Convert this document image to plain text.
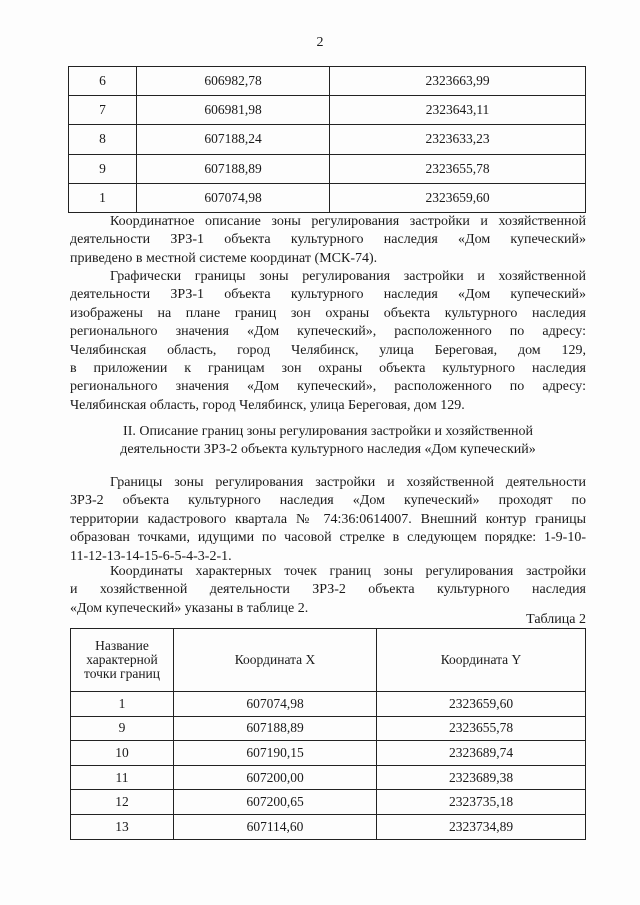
2
6	606982,78	2323663,99
7	606981,98	2323643,11
8	607188,24	2323633,23
9	607188,89	2323655,78
1	607074,98	2323659,60
Координатное описание зоны регулирования застройки и хозяйственной
деятельности ЗРЗ-1 объекта культурного наследия «Дом купеческий»
приведено в местной системе координат (МСК-74).
Графически границы зоны регулирования застройки и хозяйственной
деятельности ЗРЗ-1 объекта культурного наследия «Дом купеческий»
изображены на плане границ зон охраны объекта культурного наследия
регионального значения «Дом купеческий», расположенного по адресу:
Челябинская область, город Челябинск, улица Береговая, дом 129,
в приложении к границам зон охраны объекта культурного наследия
регионального значения «Дом купеческий», расположенного по адресу:
Челябинская область, город Челябинск, улица Береговая, дом 129.
II. Описание границ зоны регулирования застройки и хозяйственной
деятельности ЗРЗ-2 объекта культурного наследия «Дом купеческий»
Границы зоны регулирования застройки и хозяйственной деятельности
ЗРЗ-2 объекта культурного наследия «Дом купеческий» проходят по
территории кадастрового квартала № 74:36:0614007. Внешний контур границы
образован точками, идущими по часовой стрелке в следующем порядке: 1-9-10-
11-12-13-14-15-6-5-4-3-2-1.
Координаты характерных точек границ зоны регулирования застройки
и хозяйственной деятельности ЗРЗ-2 объекта культурного наследия
«Дом купеческий» указаны в таблице 2.
Таблица 2
Название характерной точки границ	Координата X	Координата Y
1	607074,98	2323659,60
9	607188,89	2323655,78
10	607190,15	2323689,74
11	607200,00	2323689,38
12	607200,65	2323735,18
13	607114,60	2323734,89
